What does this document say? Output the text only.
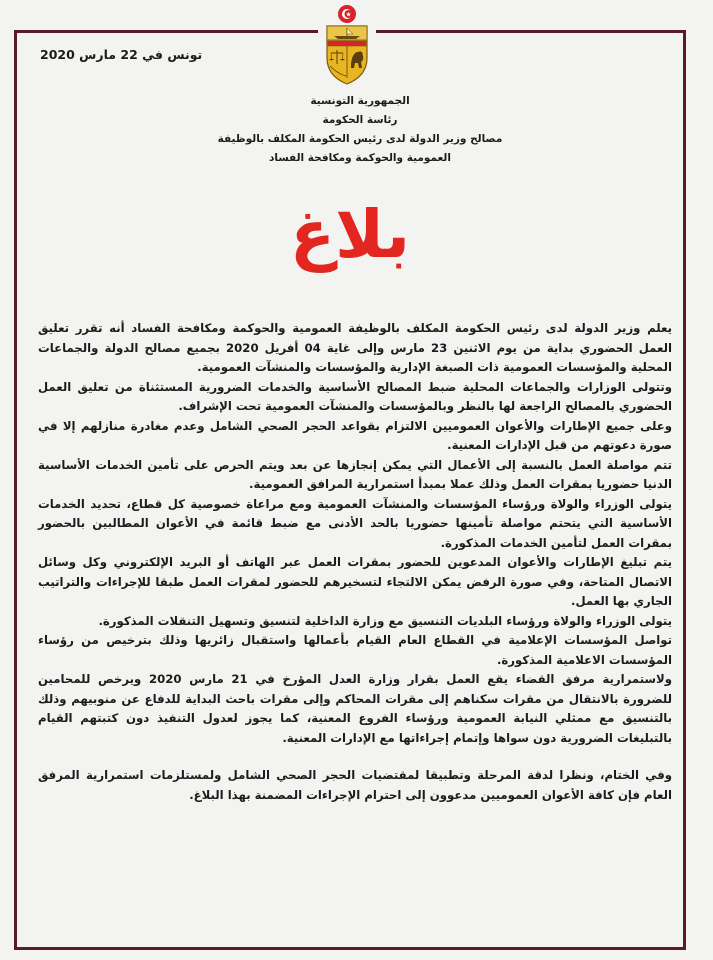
تونس في 22 مارس 2020
الجمهورية التونسية
رئاسة الحكومة
مصالح وزير الدولة لدى رئيس الحكومة المكلف بالوظيفة
العمومية والحوكمة ومكافحة الفساد
بلاغ

يعلم وزير الدولة لدى رئيس الحكومة المكلف بالوظيفة العمومية والحوكمة ومكافحة الفساد أنه تقرر تعليق العمل الحضوري بداية من يوم الاثنين 23 مارس وإلى غاية 04 أفريل 2020 بجميع مصالح الدولة والجماعات المحلية والمؤسسات العمومية ذات الصبغة الإدارية والمؤسسات والمنشآت العمومية.

وتتولى الوزارات والجماعات المحلية ضبط المصالح الأساسية والخدمات الضرورية المستثناة من تعليق العمل الحضوري بالمصالح الراجعة لها بالنظر وبالمؤسسات والمنشآت العمومية تحت الإشراف.

وعلى جميع الإطارات والأعوان العموميين الالتزام بقواعد الحجر الصحي الشامل وعدم مغادرة منازلهم إلا في صورة دعوتهم من قبل الإدارات المعنية.

تتم مواصلة العمل بالنسبة إلى الأعمال التي يمكن إنجازها عن بعد ويتم الحرص على تأمين الخدمات الأساسية الدنيا حضوريا بمقرات العمل وذلك عملا بمبدأ استمرارية المرافق العمومية.

يتولى الوزراء والولاة ورؤساء المؤسسات والمنشآت العمومية ومع مراعاة خصوصية كل قطاع، تحديد الخدمات الأساسية التي يتحتم مواصلة تأمينها حضوريا بالحد الأدنى مع ضبط قائمة في الأعوان المطالبين بالحضور بمقرات العمل لتأمين الخدمات المذكورة.

يتم تبليغ الإطارات والأعوان المدعوين للحضور بمقرات العمل عبر الهاتف أو البريد الإلكتروني وكل وسائل الاتصال المتاحة، وفي صورة الرفض يمكن الالتجاء لتسخيرهم للحضور لمقرات العمل طبقا للإجراءات والتراتيب الجاري بها العمل.

يتولى الوزراء والولاة ورؤساء البلديات التنسيق مع وزارة الداخلية لتنسيق وتسهيل التنقلات المذكورة.

تواصل المؤسسات الإعلامية في القطاع العام القيام بأعمالها واستقبال زائريها وذلك بترخيص من رؤساء المؤسسات الاعلامية المذكورة.

ولاستمرارية مرفق القضاء يقع العمل بقرار وزارة العدل المؤرخ في 21 مارس 2020 ويرخص للمحامين للضرورة بالانتقال من مقرات سكناهم إلى مقرات المحاكم وإلى مقرات باحث البداية للدفاع عن منوبيهم وذلك بالتنسيق مع ممثلي النيابة العمومية ورؤساء الفروع المعنية، كما يجوز لعدول التنفيذ دون كتبتهم القيام بالتبليغات الضرورية دون سواها وإتمام إجراءاتها مع الإدارات المعنية.

وفي الختام، ونظرا لدقة المرحلة وتطبيقا لمقتضيات الحجر الصحي الشامل ولمستلزمات استمرارية المرفق العام فإن كافة الأعوان العموميين مدعوون إلى احترام الإجراءات المضمنة بهذا البلاغ.
